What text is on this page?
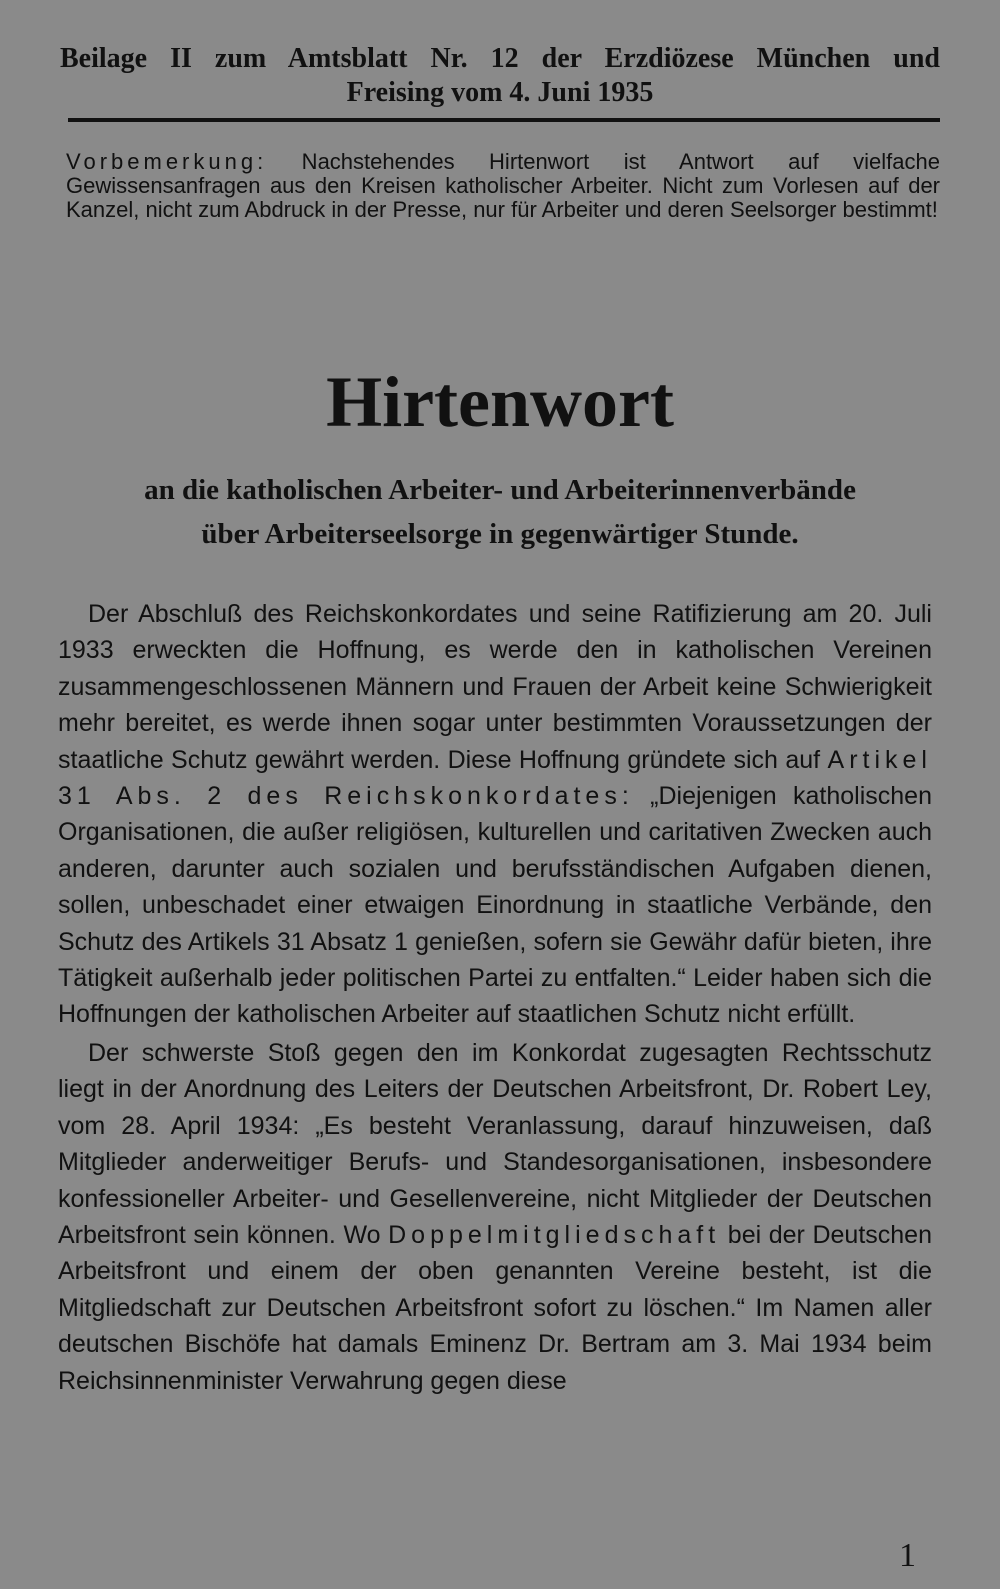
Beilage II zum Amtsblatt Nr. 12 der Erzdiözese München und
Freising vom 4. Juni 1935
Vorbemerkung: Nachstehendes Hirtenwort ist Antwort auf vielfache Gewissensanfragen aus den Kreisen katholischer Arbeiter. Nicht zum Vorlesen auf der Kanzel, nicht zum Abdruck in der Presse, nur für Arbeiter und deren Seelsorger bestimmt!
Hirtenwort
an die katholischen Arbeiter- und Arbeiterinnenverbände
über Arbeiterseelsorge in gegenwärtiger Stunde.

Der Abschluß des Reichskonkordates und seine Ratifizierung am 20. Juli 1933 erweckten die Hoffnung, es werde den in katholischen Vereinen zusammengeschlossenen Männern und Frauen der Arbeit keine Schwierigkeit mehr bereitet, es werde ihnen sogar unter bestimmten Voraussetzungen der staatliche Schutz gewährt werden. Diese Hoffnung gründete sich auf Artikel 31 Abs. 2 des Reichskonkordates: „Diejenigen katholischen Organisationen, die außer religiösen, kulturellen und caritativen Zwecken auch anderen, darunter auch sozialen und berufsständischen Aufgaben dienen, sollen, unbeschadet einer etwaigen Einordnung in staatliche Verbände, den Schutz des Artikels 31 Absatz 1 genießen, sofern sie Gewähr dafür bieten, ihre Tätigkeit außerhalb jeder politischen Partei zu entfalten.“ Leider haben sich die Hoffnungen der katholischen Arbeiter auf staatlichen Schutz nicht erfüllt.

Der schwerste Stoß gegen den im Konkordat zugesagten Rechtsschutz liegt in der Anordnung des Leiters der Deutschen Arbeitsfront, Dr. Robert Ley, vom 28. April 1934: „Es besteht Veranlassung, darauf hinzuweisen, daß Mitglieder anderweitiger Berufs- und Standesorganisationen, insbesondere konfessioneller Arbeiter- und Gesellenvereine, nicht Mitglieder der Deutschen Arbeitsfront sein können. Wo Doppelmitgliedschaft bei der Deutschen Arbeitsfront und einem der oben genannten Vereine besteht, ist die Mitgliedschaft zur Deutschen Arbeitsfront sofort zu löschen.“ Im Namen aller deutschen Bischöfe hat damals Eminenz Dr. Bertram am 3. Mai 1934 beim Reichsinnenminister Verwahrung gegen diese

1
